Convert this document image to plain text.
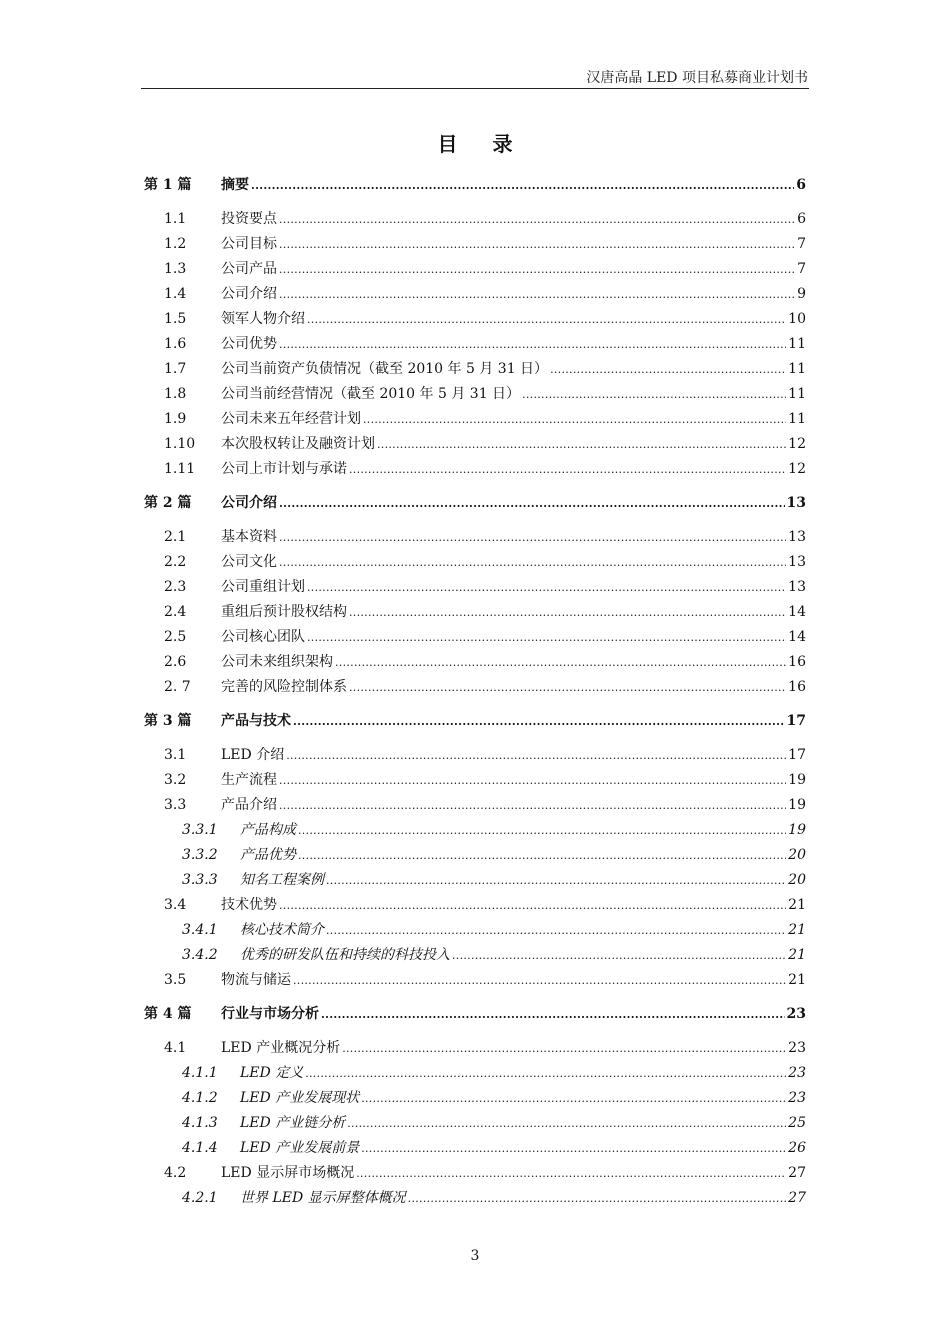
汉唐高晶 LED 项目私募商业计划书
目 录
第 1 篇	摘要 .....	6
1.1	投资要点 .....	6
1.2	公司目标 .....	7
1.3	公司产品 .....	7
1.4	公司介绍 .....	9
1.5	领军人物介绍 .....	10
1.6	公司优势 .....	11
1.7	公司当前资产负债情况（截至 2010 年 5 月 31 日） .....	11
1.8	公司当前经营情况（截至 2010 年 5 月 31 日） .....	11
1.9	公司未来五年经营计划 .....	11
1.10	本次股权转让及融资计划 .....	12
1.11	公司上市计划与承诺 .....	12
第 2 篇	公司介绍 .....	13
2.1	基本资料 .....	13
2.2	公司文化 .....	13
2.3	公司重组计划 .....	13
2.4	重组后预计股权结构 .....	14
2.5	公司核心团队 .....	14
2.6	公司未来组织架构 .....	16
2. 7	完善的风险控制体系 .....	16
第 3 篇	产品与技术 .....	17
3.1	LED 介绍 .....	17
3.2	生产流程 .....	19
3.3	产品介绍 .....	19
3.3.1	产品构成 .....	19
3.3.2	产品优势 .....	20
3.3.3	知名工程案例 .....	20
3.4	技术优势 .....	21
3.4.1	核心技术简介 .....	21
3.4.2	优秀的研发队伍和持续的科技投入 .....	21
3.5	物流与储运 .....	21
第 4 篇	行业与市场分析 .....	23
4.1	LED 产业概况分析 .....	23
4.1.1	LED 定义 .....	23
4.1.2	LED 产业发展现状 .....	23
4.1.3	LED 产业链分析 .....	25
4.1.4	LED 产业发展前景 .....	26
4.2	LED 显示屏市场概况 .....	27
4.2.1	世界 LED 显示屏整体概况 .....	27
3
